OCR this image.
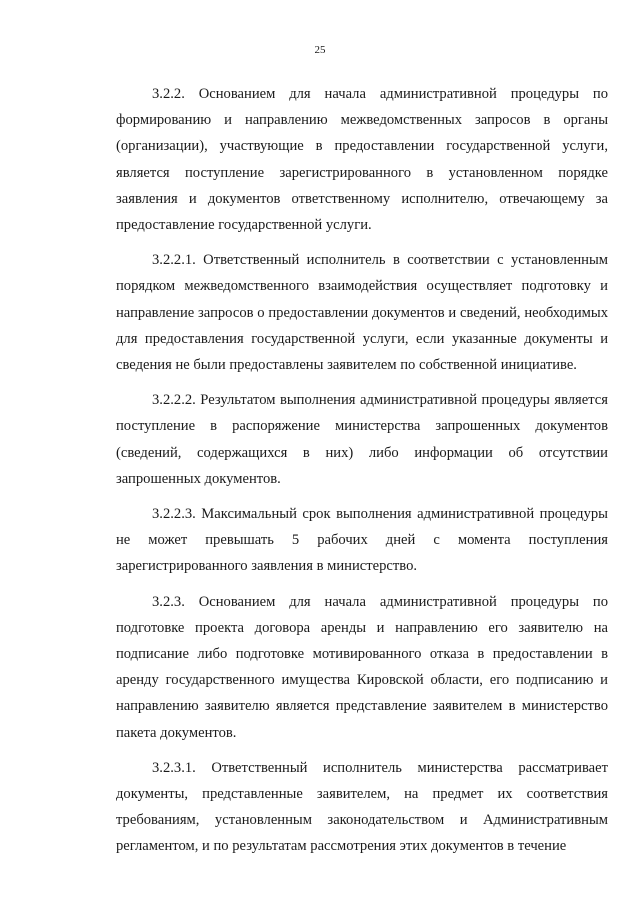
25

3.2.2. Основанием для начала административной процедуры по формированию и направлению межведомственных запросов в органы (организации), участвующие в предоставлении государственной услуги, является поступление зарегистрированного в установленном порядке заявления и документов ответственному исполнителю, отвечающему за предоставление государственной услуги.

3.2.2.1. Ответственный исполнитель в соответствии с установленным порядком межведомственного взаимодействия осуществляет подготовку и направление запросов о предоставлении документов и сведений, необходимых для предоставления государственной услуги, если указанные документы и сведения не были предоставлены заявителем по собственной инициативе.

3.2.2.2. Результатом выполнения административной процедуры является поступление в распоряжение министерства запрошенных документов (сведений, содержащихся в них) либо информации об отсутствии запрошенных документов.

3.2.2.3. Максимальный срок выполнения административной процедуры не может превышать 5 рабочих дней с момента поступления зарегистрированного заявления в министерство.

3.2.3. Основанием для начала административной процедуры по подготовке проекта договора аренды и направлению его заявителю на подписание либо подготовке мотивированного отказа в предоставлении в аренду государственного имущества Кировской области, его подписанию и направлению заявителю является представление заявителем в министерство пакета документов.

3.2.3.1. Ответственный исполнитель министерства рассматривает документы, представленные заявителем, на предмет их соответствия требованиям, установленным законодательством и Административным регламентом, и по результатам рассмотрения этих документов в течение
